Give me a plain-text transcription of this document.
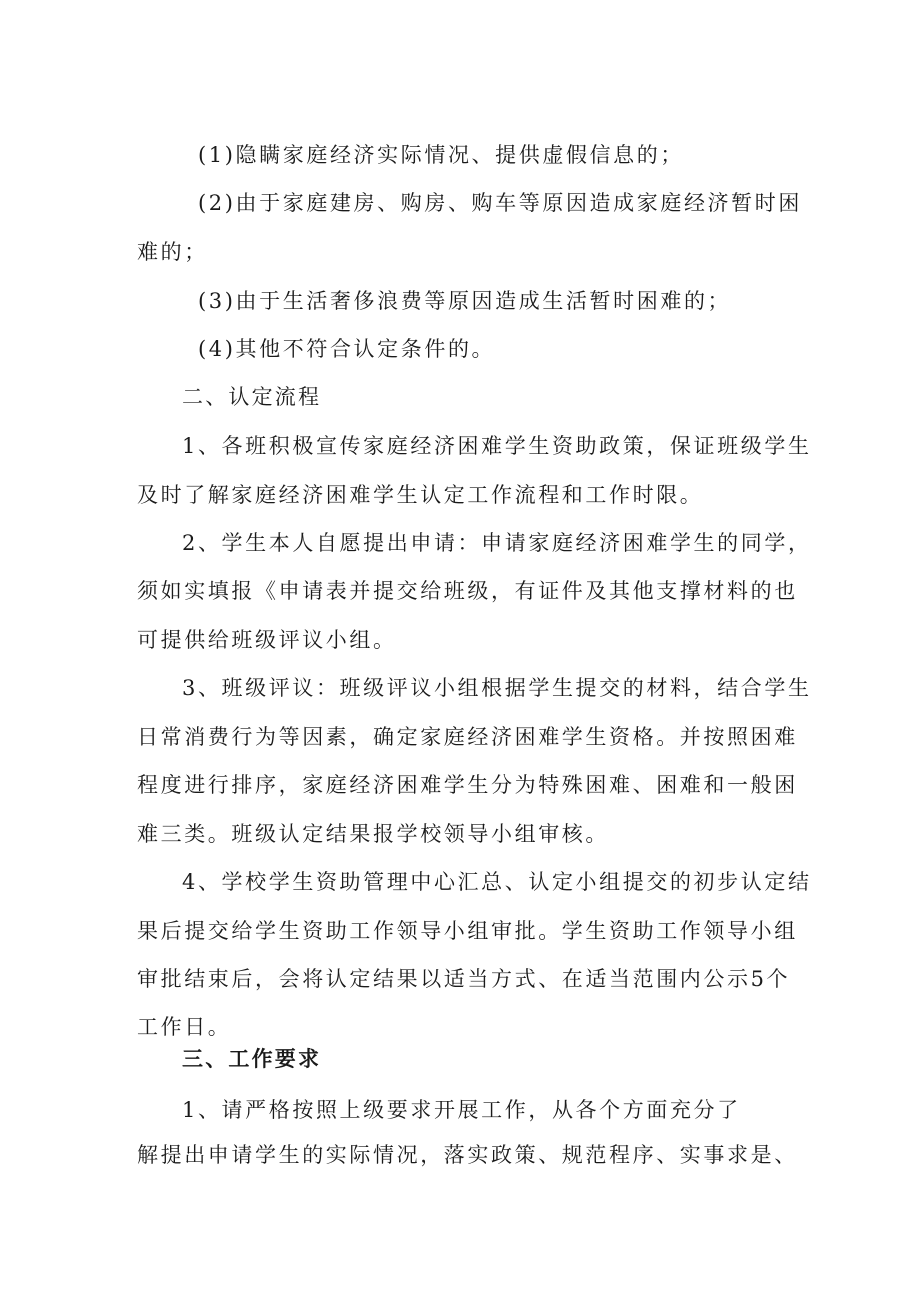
(1)隐瞒家庭经济实际情况、提供虚假信息的；
(2)由于家庭建房、购房、购车等原因造成家庭经济暂时困
难的；
(3)由于生活奢侈浪费等原因造成生活暂时困难的；
(4)其他不符合认定条件的。
二、认定流程
1、各班积极宣传家庭经济困难学生资助政策，保证班级学生
及时了解家庭经济困难学生认定工作流程和工作时限。
2、学生本人自愿提出申请：申请家庭经济困难学生的同学，
须如实填报《申请表并提交给班级，有证件及其他支撑材料的也
可提供给班级评议小组。
3、班级评议：班级评议小组根据学生提交的材料，结合学生
日常消费行为等因素，确定家庭经济困难学生资格。并按照困难
程度进行排序，家庭经济困难学生分为特殊困难、困难和一般困
难三类。班级认定结果报学校领导小组审核。
4、学校学生资助管理中心汇总、认定小组提交的初步认定结
果后提交给学生资助工作领导小组审批。学生资助工作领导小组
审批结束后，会将认定结果以适当方式、在适当范围内公示5个
工作日。
三、工作要求
1、请严格按照上级要求开展工作，从各个方面充分了
解提出申请学生的实际情况，落实政策、规范程序、实事求是、
